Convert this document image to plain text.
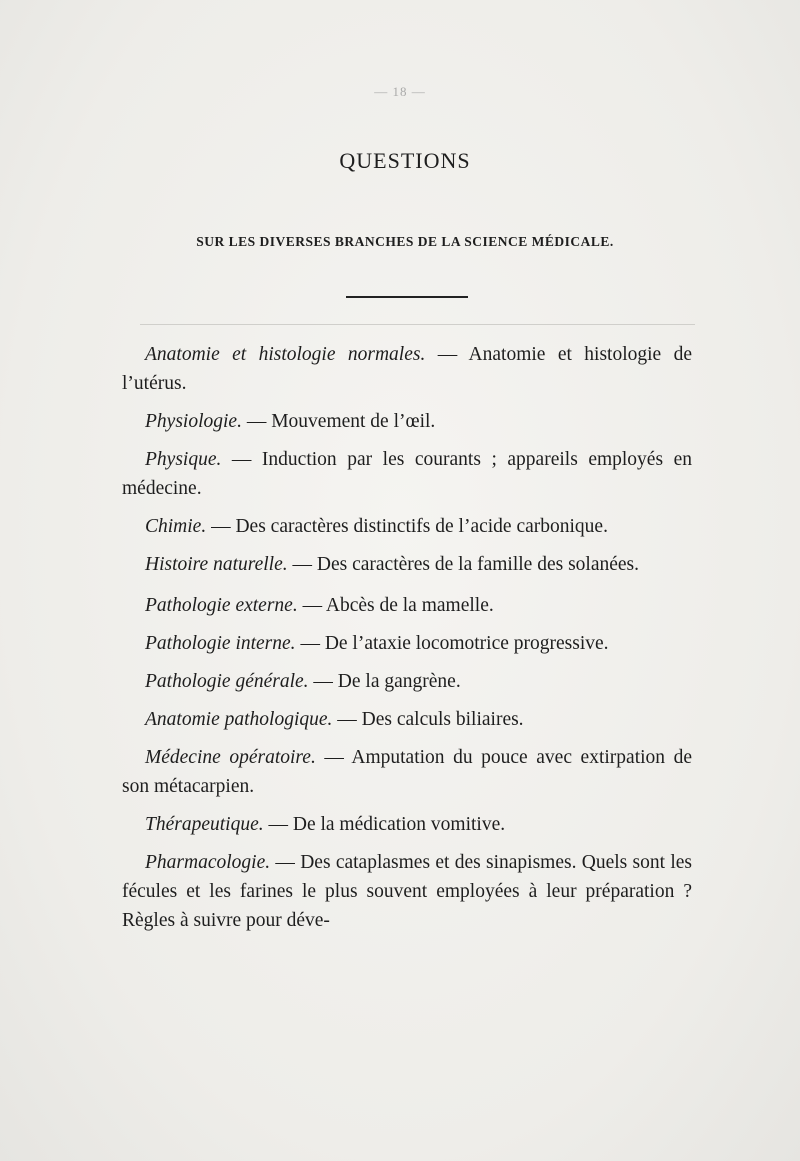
— 18 —
QUESTIONS
SUR LES DIVERSES BRANCHES DE LA SCIENCE MÉDICALE.

Anatomie et histologie normales. — Anatomie et histologie de l’utérus.

Physiologie. — Mouvement de l’œil.

Physique. — Induction par les courants ; appareils employés en médecine.

Chimie. — Des caractères distinctifs de l’acide carbonique.

Histoire naturelle. — Des caractères de la famille des solanées.

Pathologie externe. — Abcès de la mamelle.

Pathologie interne. — De l’ataxie locomotrice progressive.

Pathologie générale. — De la gangrène.

Anatomie pathologique. — Des calculs biliaires.

Médecine opératoire. — Amputation du pouce avec extirpation de son métacarpien.

Thérapeutique. — De la médication vomitive.

Pharmacologie. — Des cataplasmes et des sinapismes. Quels sont les fécules et les farines le plus souvent employées à leur préparation ? Règles à suivre pour déve-
